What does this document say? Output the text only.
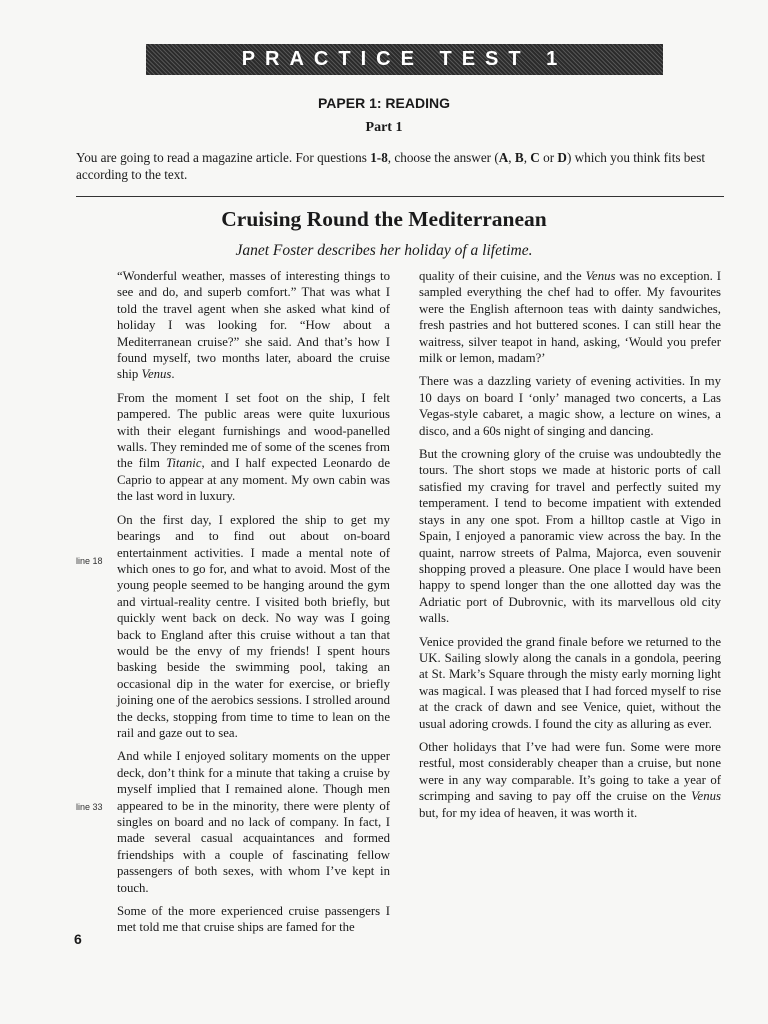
PRACTICE TEST 1
PAPER 1: READING
Part 1
You are going to read a magazine article. For questions 1-8, choose the answer (A, B, C or D) which you think fits best according to the text.
Cruising Round the Mediterranean
Janet Foster describes her holiday of a lifetime.

“Wonderful weather, masses of interesting things to see and do, and superb comfort.” That was what I told the travel agent when she asked what kind of holiday I was looking for. “How about a Mediterranean cruise?” she said. And that’s how I found myself, two months later, aboard the cruise ship Venus.

From the moment I set foot on the ship, I felt pampered. The public areas were quite luxurious with their elegant furnishings and wood-panelled walls. They reminded me of some of the scenes from the film Titanic, and I half expected Leonardo de Caprio to appear at any moment. My own cabin was the last word in luxury.

On the first day, I explored the ship to get my bearings and to find out about on-board entertainment activities. I made a mental note of which ones to go for, and what to avoid. Most of the young people seemed to be hanging around the gym and virtual-reality centre. I visited both briefly, but quickly went back on deck. No way was I going back to England after this cruise without a tan that would be the envy of my friends! I spent hours basking beside the swimming pool, taking an occasional dip in the water for exercise, or briefly joining one of the aerobics sessions. I strolled around the decks, stopping from time to time to lean on the rail and gaze out to sea.

And while I enjoyed solitary moments on the upper deck, don’t think for a minute that taking a cruise by myself implied that I remained alone. Though men appeared to be in the minority, there were plenty of singles on board and no lack of company. In fact, I made several casual acquaintances and formed friendships with a couple of fascinating fellow passengers of both sexes, with whom I’ve kept in touch.

Some of the more experienced cruise passengers I met told me that cruise ships are famed for the

line 18
line 33

quality of their cuisine, and the Venus was no exception. I sampled everything the chef had to offer. My favourites were the English afternoon teas with dainty sandwiches, fresh pastries and hot buttered scones. I can still hear the waitress, silver teapot in hand, asking, ‘Would you prefer milk or lemon, madam?’

There was a dazzling variety of evening activities. In my 10 days on board I ‘only’ managed two concerts, a Las Vegas-style cabaret, a magic show, a lecture on wines, a disco, and a 60s night of singing and dancing.

But the crowning glory of the cruise was undoubtedly the tours. The short stops we made at historic ports of call satisfied my craving for travel and perfectly suited my temperament. I tend to become impatient with extended stays in any one spot. From a hilltop castle at Vigo in Spain, I enjoyed a panoramic view across the bay. In the quaint, narrow streets of Palma, Majorca, even souvenir shopping proved a pleasure. One place I would have been happy to spend longer than the one allotted day was the Adriatic port of Dubrovnic, with its marvellous old city walls.

Venice provided the grand finale before we returned to the UK. Sailing slowly along the canals in a gondola, peering at St. Mark’s Square through the misty early morning light was magical. I was pleased that I had forced myself to rise at the crack of dawn and see Venice, quiet, without the usual adoring crowds. I found the city as alluring as ever.

Other holidays that I’ve had were fun. Some were more restful, most considerably cheaper than a cruise, but none were in any way comparable. It’s going to take a year of scrimping and saving to pay off the cruise on the Venus but, for my idea of heaven, it was worth it.

6
